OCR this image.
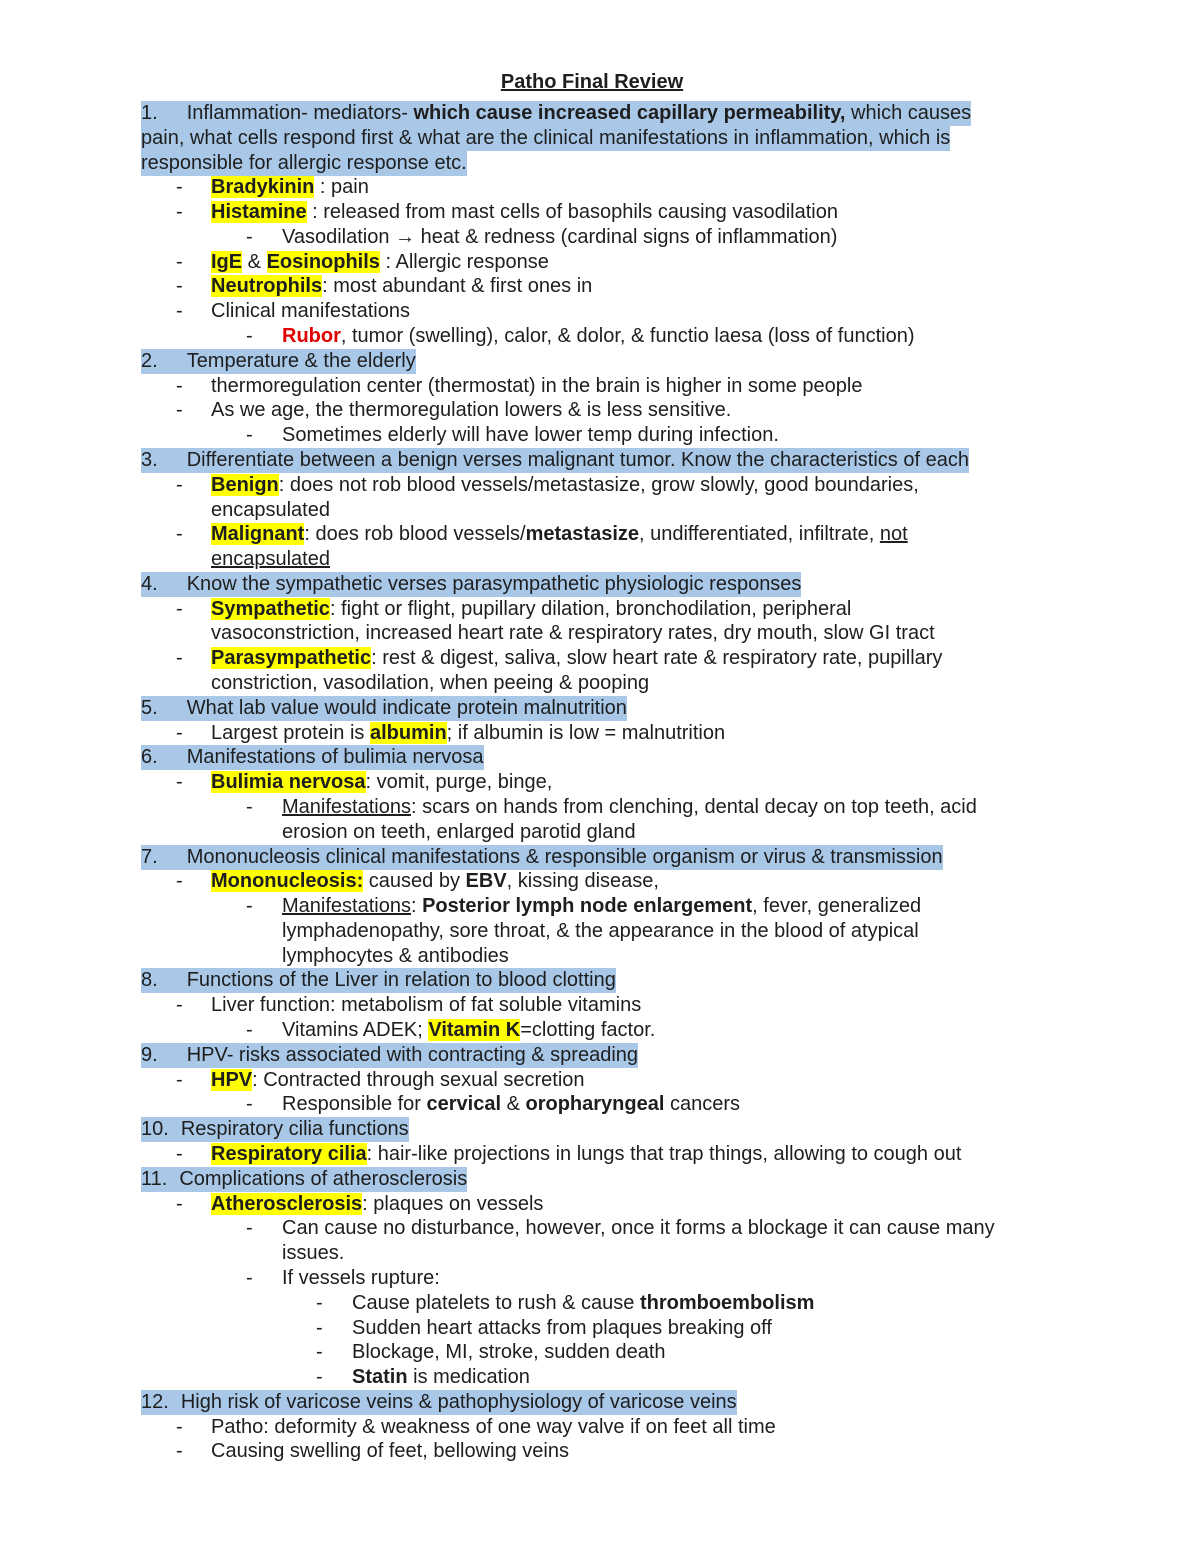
Patho Final Review
1. Inflammation- mediators- which cause increased capillary permeability, which causes
pain, what cells respond first & what are the clinical manifestations in inflammation, which is
responsible for allergic response etc.
- Bradykinin : pain
- Histamine : released from mast cells of basophils causing vasodilation
- Vasodilation → heat & redness (cardinal signs of inflammation)
- IgE & Eosinophils : Allergic response
- Neutrophils: most abundant & first ones in
- Clinical manifestations
- Rubor, tumor (swelling), calor, & dolor, & functio laesa (loss of function)
2. Temperature & the elderly
- thermoregulation center (thermostat) in the brain is higher in some people
- As we age, the thermoregulation lowers & is less sensitive.
- Sometimes elderly will have lower temp during infection.
3. Differentiate between a benign verses malignant tumor. Know the characteristics of each
- Benign: does not rob blood vessels/metastasize, grow slowly, good boundaries,
encapsulated
- Malignant: does rob blood vessels/metastasize, undifferentiated, infiltrate, not
encapsulated
4. Know the sympathetic verses parasympathetic physiologic responses
- Sympathetic: fight or flight, pupillary dilation, bronchodilation, peripheral
vasoconstriction, increased heart rate & respiratory rates, dry mouth, slow GI tract
- Parasympathetic: rest & digest, saliva, slow heart rate & respiratory rate, pupillary
constriction, vasodilation, when peeing & pooping
5. What lab value would indicate protein malnutrition
- Largest protein is albumin; if albumin is low = malnutrition
6. Manifestations of bulimia nervosa
- Bulimia nervosa: vomit, purge, binge,
- Manifestations: scars on hands from clenching, dental decay on top teeth, acid
erosion on teeth, enlarged parotid gland
7. Mononucleosis clinical manifestations & responsible organism or virus & transmission
- Mononucleosis: caused by EBV, kissing disease,
- Manifestations: Posterior lymph node enlargement, fever, generalized
lymphadenopathy, sore throat, & the appearance in the blood of atypical
lymphocytes & antibodies
8. Functions of the Liver in relation to blood clotting
- Liver function: metabolism of fat soluble vitamins
- Vitamins ADEK; Vitamin K=clotting factor.
9. HPV- risks associated with contracting & spreading
- HPV: Contracted through sexual secretion
- Responsible for cervical & oropharyngeal cancers
10. Respiratory cilia functions
- Respiratory cilia: hair-like projections in lungs that trap things, allowing to cough out
11. Complications of atherosclerosis
- Atherosclerosis: plaques on vessels
- Can cause no disturbance, however, once it forms a blockage it can cause many
issues.
- If vessels rupture:
- Cause platelets to rush & cause thromboembolism
- Sudden heart attacks from plaques breaking off
- Blockage, MI, stroke, sudden death
- Statin is medication
12. High risk of varicose veins & pathophysiology of varicose veins
- Patho: deformity & weakness of one way valve if on feet all time
- Causing swelling of feet, bellowing veins
